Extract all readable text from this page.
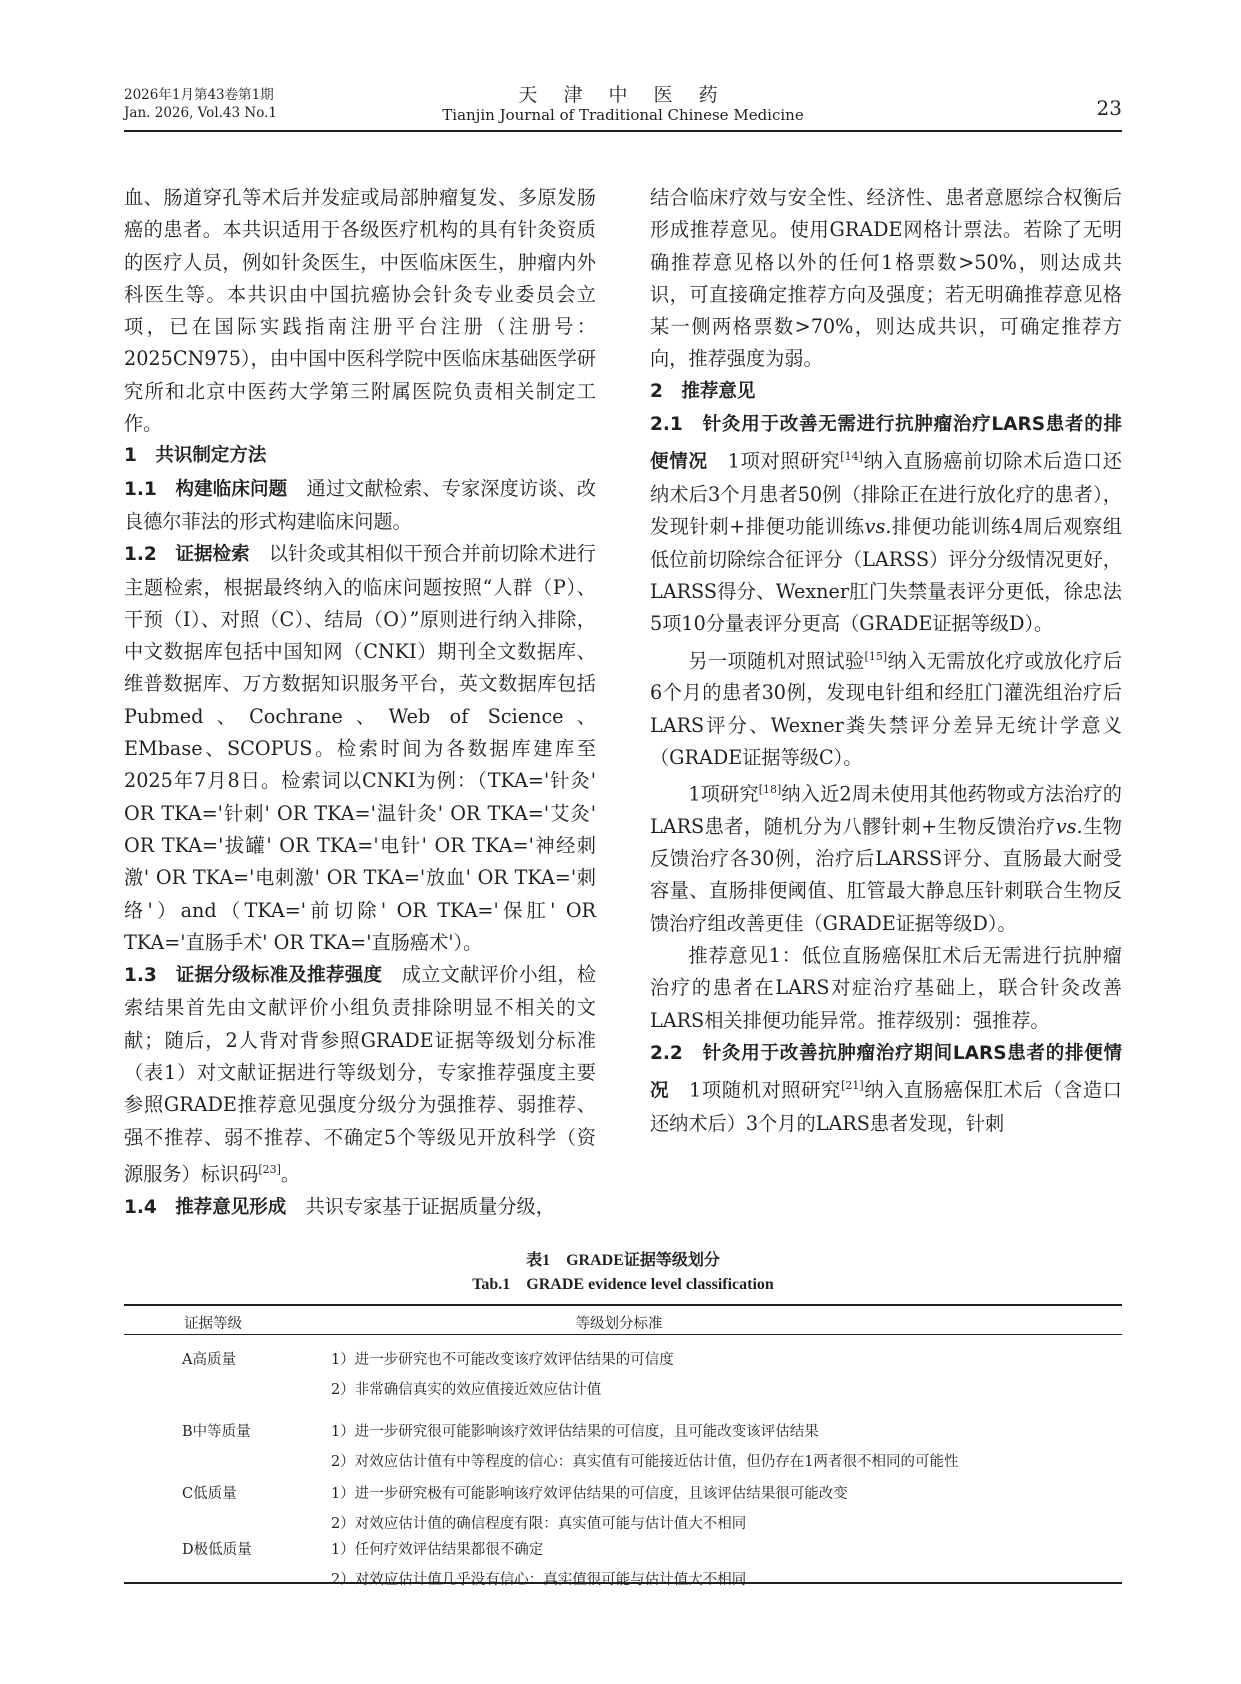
2026年1月第43卷第1期
Jan. 2026, Vol.43 No.1
天 津 中 医 药
Tianjin Journal of Traditional Chinese Medicine	23

血、肠道穿孔等术后并发症或局部肿瘤复发、多原发肠癌的患者。本共识适用于各级医疗机构的具有针灸资质的医疗人员，例如针灸医生，中医临床医生，肿瘤内外科医生等。本共识由中国抗癌协会针灸专业委员会立项，已在国际实践指南注册平台注册（注册号：2025CN975），由中国中医科学院中医临床基础医学研究所和北京中医药大学第三附属医院负责相关制定工作。

1　共识制定方法

1.1　构建临床问题　通过文献检索、专家深度访谈、改良德尔菲法的形式构建临床问题。

1.2　证据检索　以针灸或其相似干预合并前切除术进行主题检索，根据最终纳入的临床问题按照“人群（P）、干预（I）、对照（C）、结局（O）”原则进行纳入排除，中文数据库包括中国知网（CNKI）期刊全文数据库、维普数据库、万方数据知识服务平台，英文数据库包括 Pubmed、Cochrane、Web of Science、EMbase、SCOPUS。检索时间为各数据库建库至2025年7月8日。检索词以CNKI为例：（TKA='针灸' OR TKA='针刺' OR TKA='温针灸' OR TKA='艾灸' OR TKA='拔罐' OR TKA='电针' OR TKA='神经刺激' OR TKA='电刺激' OR TKA='放血' OR TKA='刺络'）and（TKA='前切除' OR TKA='保肛' OR TKA='直肠手术' OR TKA='直肠癌术'）。

1.3　证据分级标准及推荐强度　成立文献评价小组，检索结果首先由文献评价小组负责排除明显不相关的文献；随后，2人背对背参照GRADE证据等级划分标准（表1）对文献证据进行等级划分，专家推荐强度主要参照GRADE推荐意见强度分级分为强推荐、弱推荐、强不推荐、弱不推荐、不确定5个等级见开放科学（资源服务）标识码[23]。

1.4　推荐意见形成　共识专家基于证据质量分级，

结合临床疗效与安全性、经济性、患者意愿综合权衡后形成推荐意见。使用GRADE网格计票法。若除了无明确推荐意见格以外的任何1格票数>50%，则达成共识，可直接确定推荐方向及强度；若无明确推荐意见格某一侧两格票数>70%，则达成共识，可确定推荐方向，推荐强度为弱。

2　推荐意见

2.1　针灸用于改善无需进行抗肿瘤治疗LARS患者的排便情况　1项对照研究[14]纳入直肠癌前切除术后造口还纳术后3个月患者50例（排除正在进行放化疗的患者），发现针刺+排便功能训练vs.排便功能训练4周后观察组低位前切除综合征评分（LARSS）评分分级情况更好，LARSS得分、Wexner肛门失禁量表评分更低，徐忠法5项10分量表评分更高（GRADE证据等级D）。

另一项随机对照试验[15]纳入无需放化疗或放化疗后6个月的患者30例，发现电针组和经肛门灌洗组治疗后LARS评分、Wexner粪失禁评分差异无统计学意义（GRADE证据等级C）。

1项研究[18]纳入近2周未使用其他药物或方法治疗的LARS患者，随机分为八髎针刺+生物反馈治疗vs.生物反馈治疗各30例，治疗后LARSS评分、直肠最大耐受容量、直肠排便阈值、肛管最大静息压针刺联合生物反馈治疗组改善更佳（GRADE证据等级D）。

推荐意见1：低位直肠癌保肛术后无需进行抗肿瘤治疗的患者在LARS对症治疗基础上，联合针灸改善LARS相关排便功能异常。推荐级别：强推荐。

2.2　针灸用于改善抗肿瘤治疗期间LARS患者的排便情况　1项随机对照研究[21]纳入直肠癌保肛术后（含造口还纳术后）3个月的LARS患者发现，针刺

表1　GRADE证据等级划分
Tab.1　GRADE evidence level classification
证据等级	等级划分标准
A高质量	1）进一步研究也不可能改变该疗效评估结果的可信度
2）非常确信真实的效应值接近效应估计值
B中等质量	1）进一步研究很可能影响该疗效评估结果的可信度，且可能改变该评估结果
2）对效应估计值有中等程度的信心：真实值有可能接近估计值，但仍存在1两者很不相同的可能性
C低质量	1）进一步研究极有可能影响该疗效评估结果的可信度，且该评估结果很可能改变
2）对效应估计值的确信程度有限：真实值可能与估计值大不相同
D极低质量	1）任何疗效评估结果都很不确定
2）对效应估计值几乎没有信心：真实值很可能与估计值大不相同
